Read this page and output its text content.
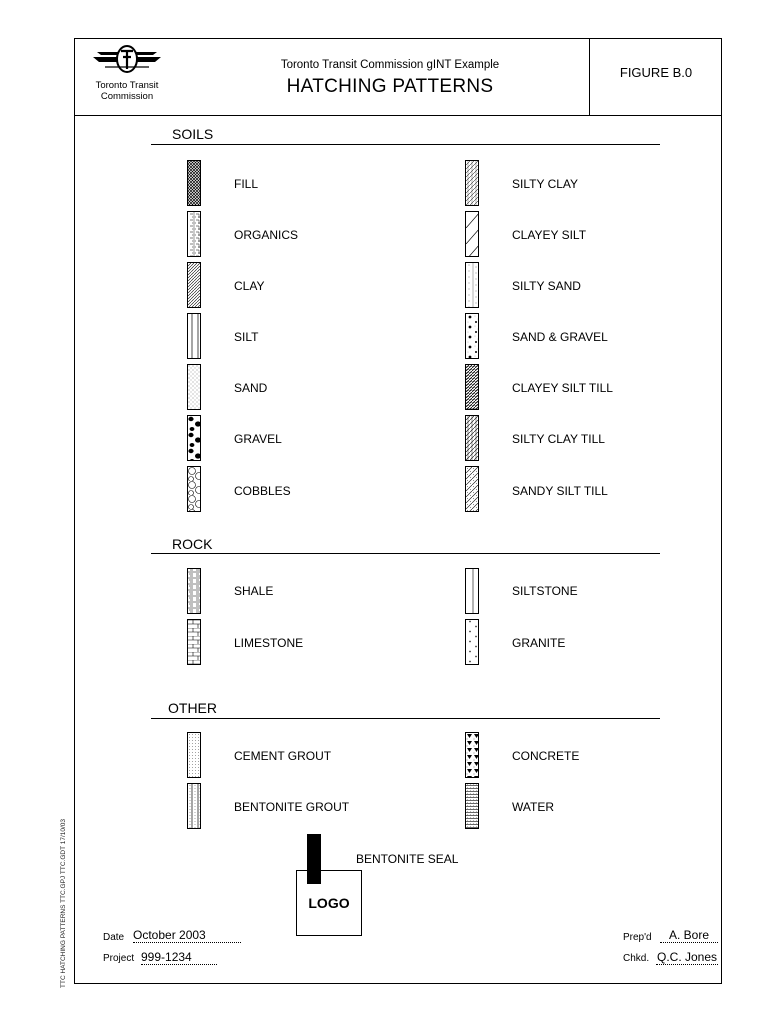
Toronto Transit
Commission
Toronto Transit Commission gINT Example
HATCHING PATTERNS
FIGURE B.0
SOILS
FILL
ORGANICS
CLAY
SILT
SAND
GRAVEL
COBBLES
SILTY CLAY
CLAYEY SILT
SILTY SAND
SAND & GRAVEL
CLAYEY SILT TILL
SILTY CLAY TILL
SANDY SILT TILL
ROCK
SHALE
LIMESTONE
SILTSTONE
GRANITE
OTHER
CEMENT GROUT
BENTONITE GROUT
CONCRETE
WATER
BENTONITE SEAL
Date October 2003
Project 999-1234
LOGO
Prep'd	A. Bore
Chkd. Q.C. Jones
TTC HATCHING PATTERNS TTC.GPJ TTC.GDT 17/10/03
